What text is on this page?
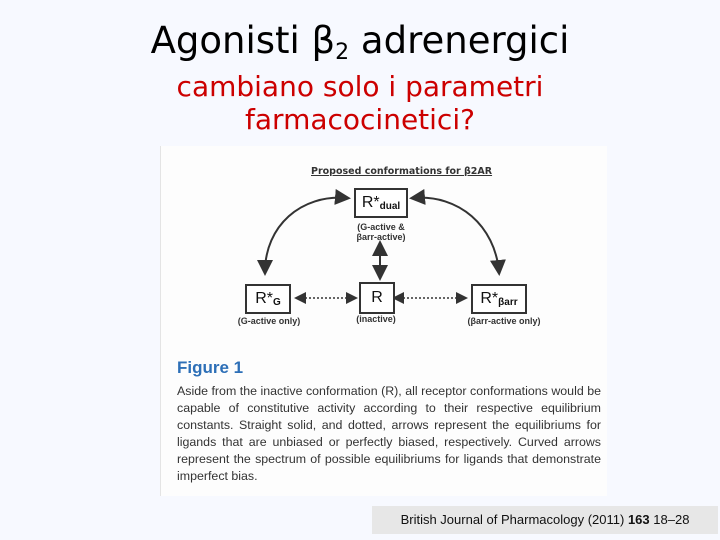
Agonisti $\beta_2$ adrenergici
cambiano solo i parametri
farmacocinetici?
Proposed conformations for β2AR
R* dual
(G-active &
βarr-active)
R* G
(G-active only)
R
(inactive)
R* βarr
(βarr-active only)
Figure 1
Aside from the inactive conformation (R), all receptor conformations would be capable of constitutive activity according to their respective equilibrium constants. Straight solid, and dotted, arrows represent the equilibriums for ligands that are unbiased or perfectly biased, respectively. Curved arrows represent the spectrum of possible equilibriums for ligands that demonstrate imperfect bias.
British Journal of Pharmacology (2011) 163 18–28
